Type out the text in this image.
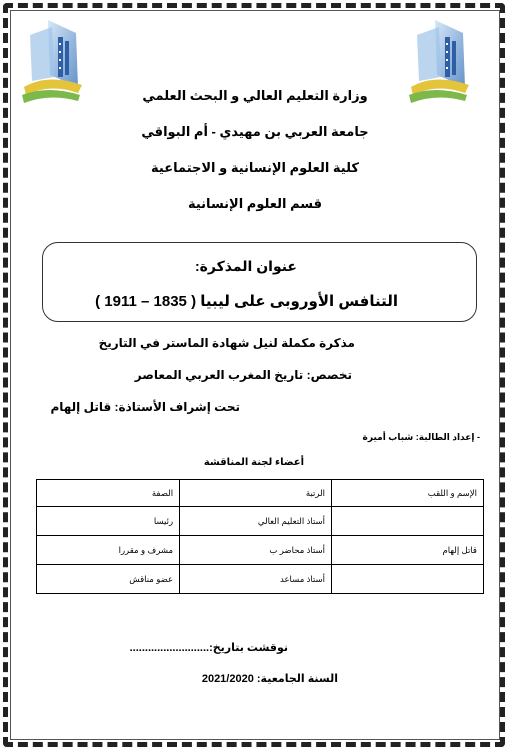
وزارة التعليم العالي و البحث العلمي
جامعة العربي بن مهيدي - أم البواقي
كلية العلوم الإنسانية و الاجتماعية
قسم العلوم الإنسانية
عنوان المذكرة:
التنافس الأوروبى على ليبيا ( 1835 – 1911 )
مذكرة مكملة لنيل شهادة الماستر في التاريخ
تخصص: تاريخ المغرب العربي المعاصر
تحت إشراف الأستاذة: قاتل إلهام
- إعداد الطالبة: شباب أميرة
أعضاء لجنة المناقشة
الإسم و اللقب	الرتبة	الصفة
	أستاذ التعليم العالي	رئيسا
قاتل إلهام	أستاذ محاضر ب	مشرف و مقررا
	أستاذ مساعد	عضو مناقش
نوقشت بتاريخ:..........................
السنة الجامعية: 2021/2020
